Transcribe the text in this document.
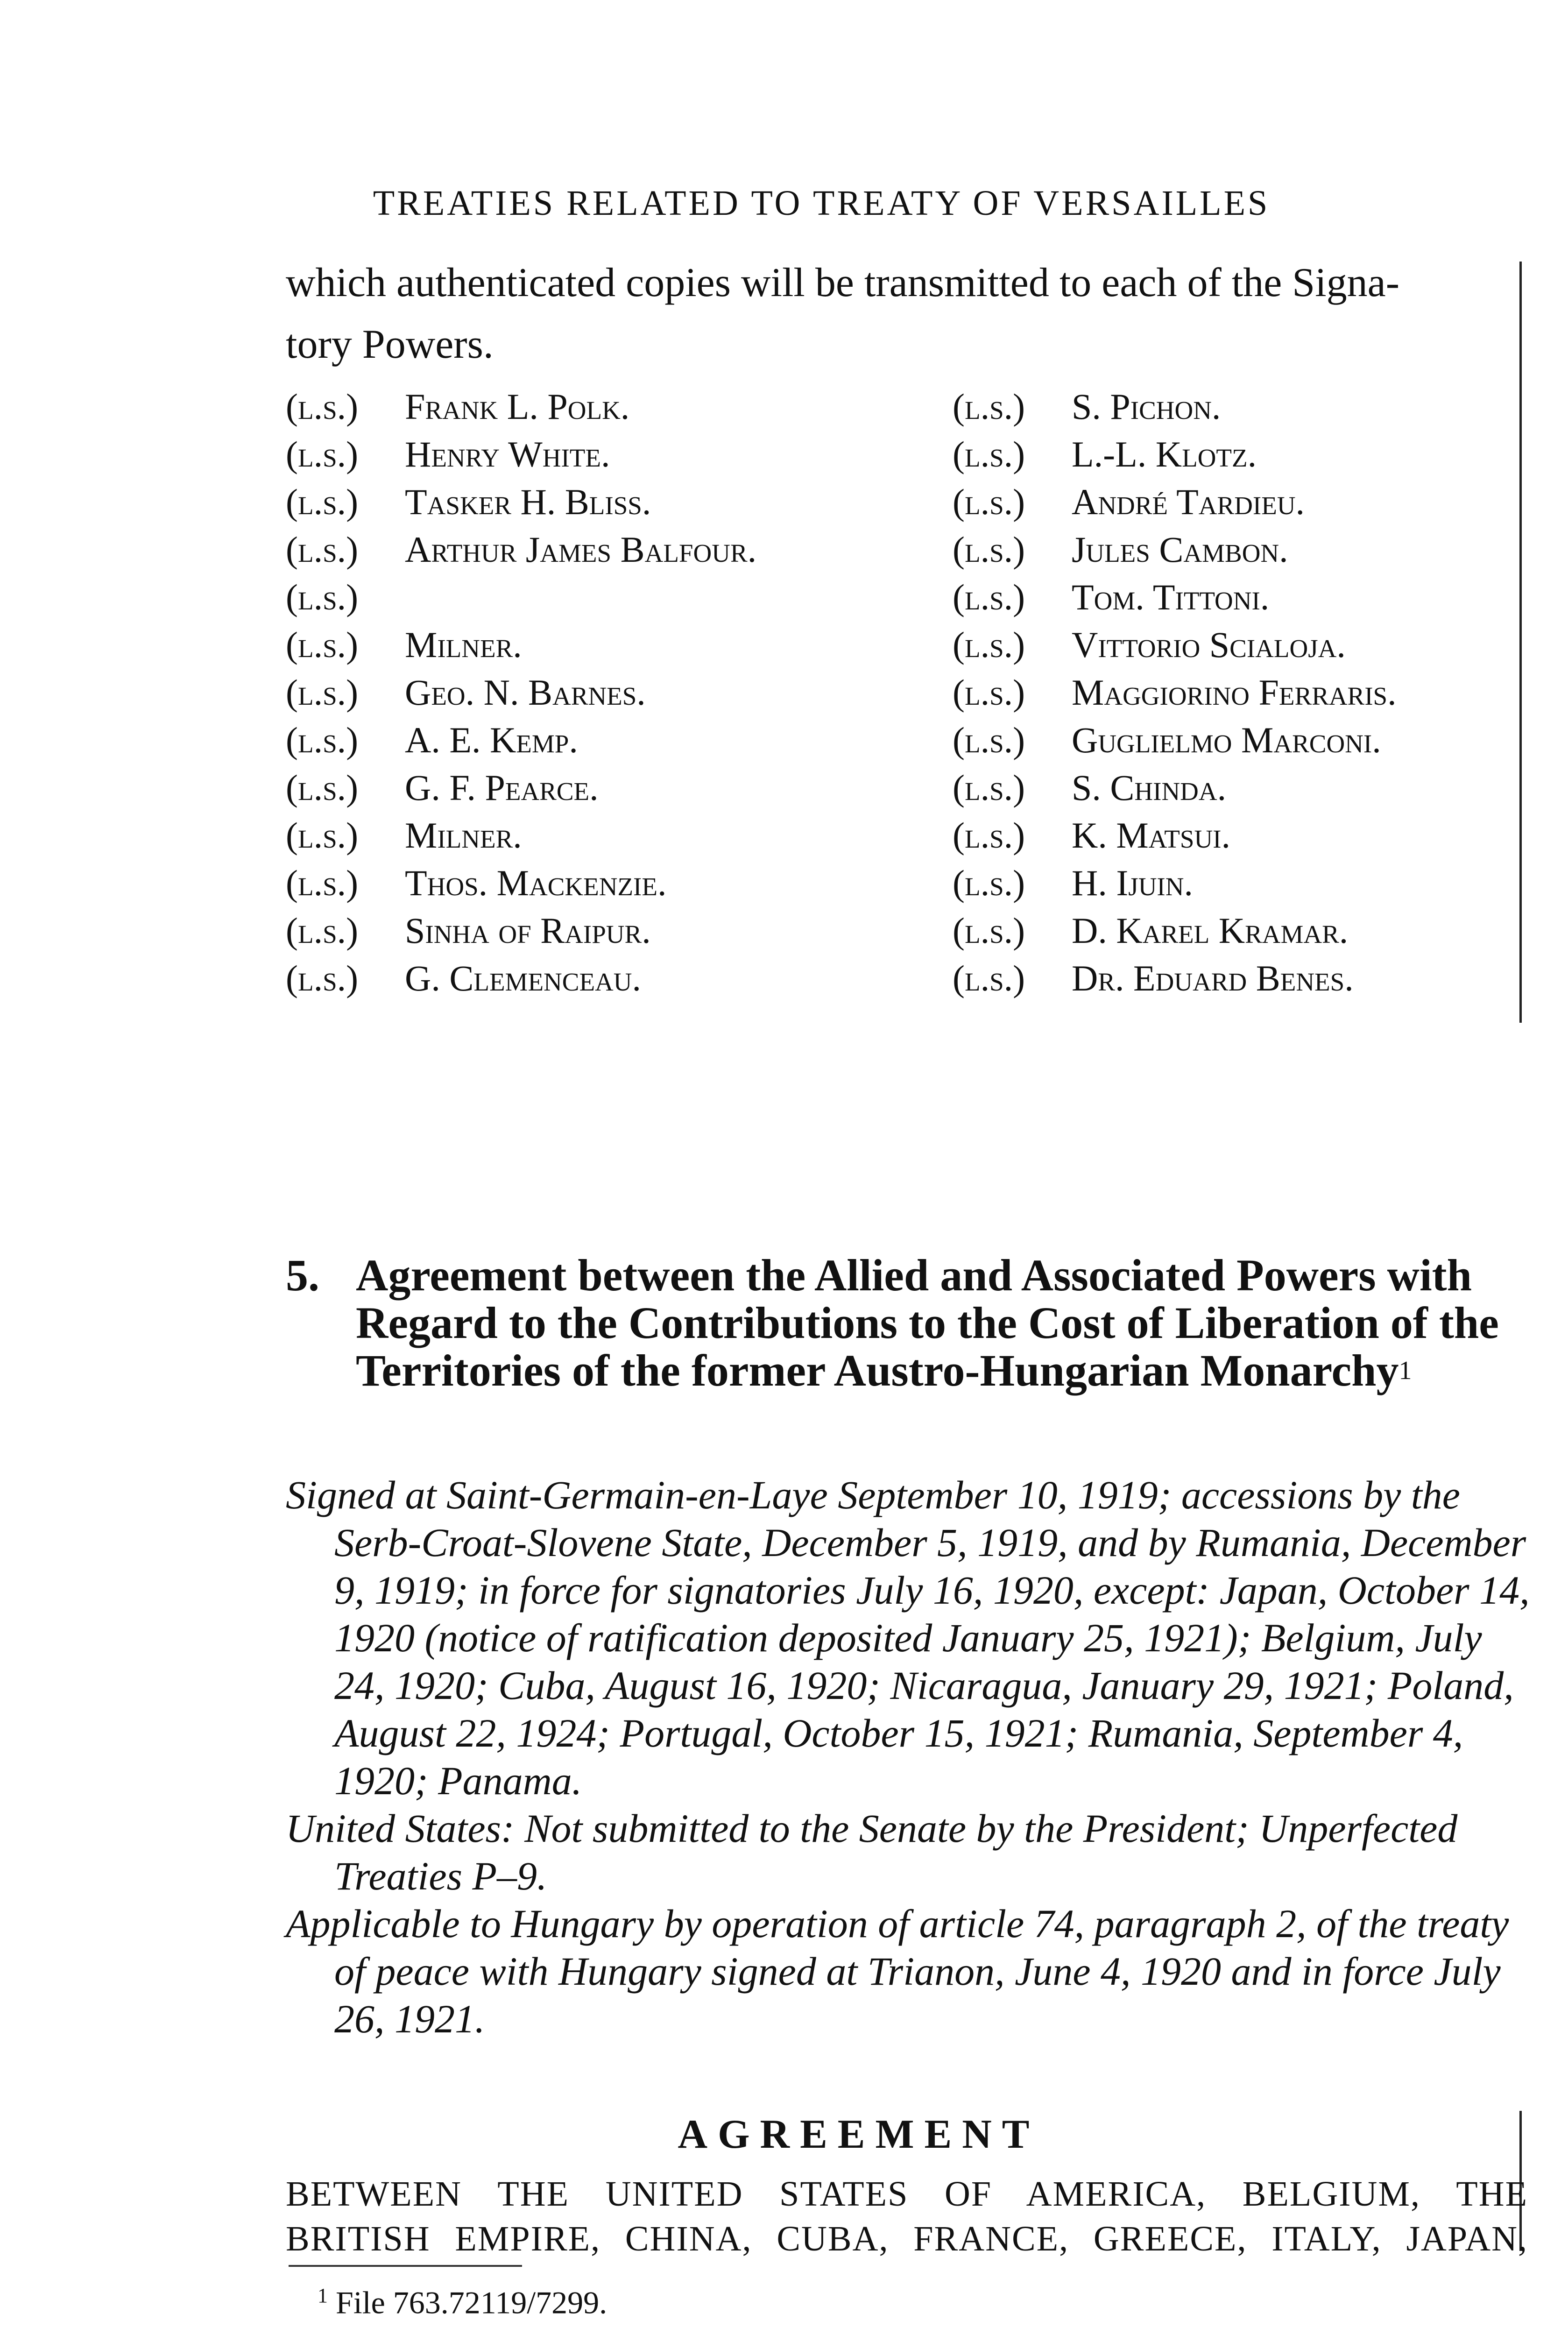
TREATIES RELATED TO TREATY OF VERSAILLES
which authenticated copies will be transmitted to each of the Signa-
tory Powers.
(l.s.) Frank L. Polk.
(l.s.) Henry White.
(l.s.) Tasker H. Bliss.
(l.s.) Arthur James Balfour.
(l.s.)
(l.s.) Milner.
(l.s.) Geo. N. Barnes.
(l.s.) A. E. Kemp.
(l.s.) G. F. Pearce.
(l.s.) Milner.
(l.s.) Thos. Mackenzie.
(l.s.) Sinha of Raipur.
(l.s.) G. Clemenceau.
(l.s.) S. Pichon.
(l.s.) L.-L. Klotz.
(l.s.) André Tardieu.
(l.s.) Jules Cambon.
(l.s.) Tom. Tittoni.
(l.s.) Vittorio Scialoja.
(l.s.) Maggiorino Ferraris.
(l.s.) Guglielmo Marconi.
(l.s.) S. Chinda.
(l.s.) K. Matsui.
(l.s.) H. Ijuin.
(l.s.) D. Karel Kramar.
(l.s.) Dr. Eduard Benes.
5. Agreement between the Allied and Associated Powers with Regard to the Contributions to the Cost of Liberation of the Territories of the former Austro-Hungarian Monarchy$^1$

Signed at Saint-Germain-en-Laye September 10, 1919; accessions by the Serb-Croat-Slovene State, December 5, 1919, and by Rumania, December 9, 1919; in force for signatories July 16, 1920, except: Japan, October 14, 1920 (notice of ratification deposited January 25, 1921); Belgium, July 24, 1920; Cuba, August 16, 1920; Nicaragua, January 29, 1921; Poland, August 22, 1924; Portugal, October 15, 1921; Rumania, September 4, 1920; Panama.

United States: Not submitted to the Senate by the President; Unperfected Treaties P–9.

Applicable to Hungary by operation of article 74, paragraph 2, of the treaty of peace with Hungary signed at Trianon, June 4, 1920 and in force July 26, 1921.

AGREEMENT

BETWEEN THE UNITED STATES OF AMERICA, BELGIUM, THE

BRITISH EMPIRE, CHINA, CUBA, FRANCE, GREECE, ITALY, JAPAN,

$^1$ File 763.72119/7299.
